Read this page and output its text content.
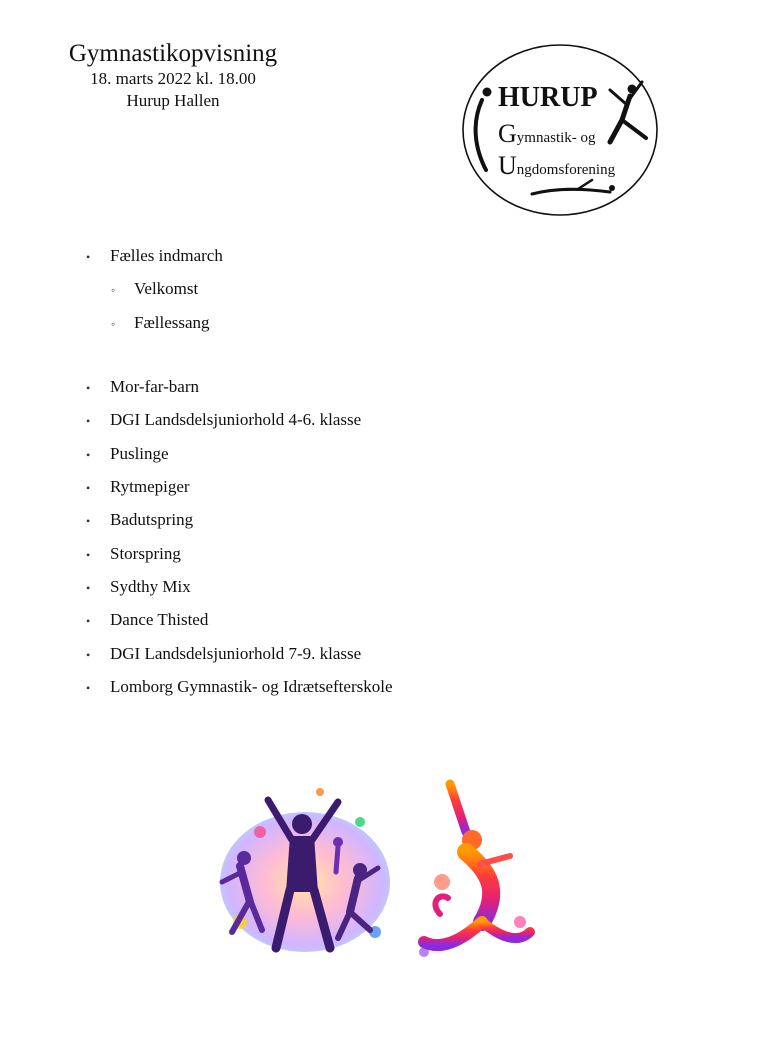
Gymnastikopvisning
18. marts 2022 kl. 18.00
Hurup Hallen	HURUP
Gymnastik- og
Ungdomsforening
• Fælles indmarch
◦ Velkomst
◦ Fællessang
• Mor-far-barn
• DGI Landsdelsjuniorhold 4-6. klasse
• Puslinge
• Rytmepiger
• Badutspring
• Storspring
• Sydthy Mix
• Dance Thisted
• DGI Landsdelsjuniorhold 7-9. klasse
• Lomborg Gymnastik- og Idrætsefterskole
